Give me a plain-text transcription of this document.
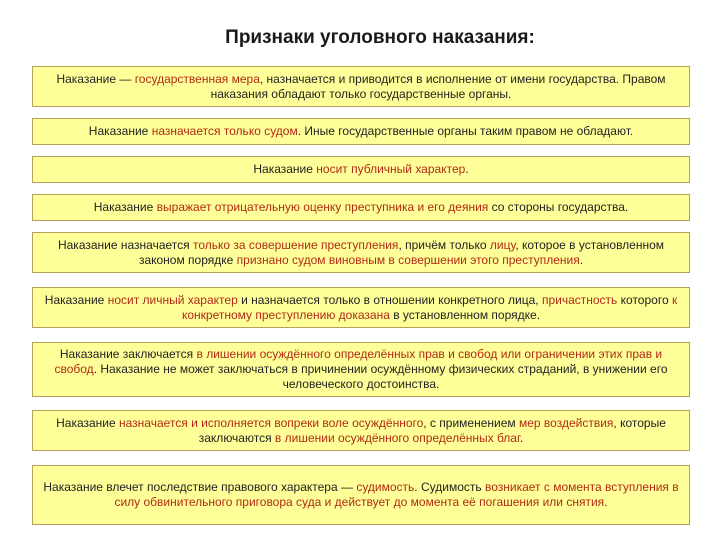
Признаки уголовного наказания:

Наказание — государственная мера, назначается и приводится в исполнение от имени государства. Правом наказания обладают только государственные органы.

Наказание назначается только судом. Иные государственные органы таким правом не обладают.

Наказание носит публичный характер.

Наказание выражает отрицательную оценку преступника и его деяния со стороны государства.

Наказание назначается только за совершение преступления, причём только лицу, которое в установленном законом порядке признано судом виновным в совершении этого преступления.

Наказание носит личный характер и назначается только в отношении конкретного лица, причастность которого к конкретному преступлению доказана в установленном порядке.

Наказание заключается в лишении осуждённого определённых прав и свобод или ограничении этих прав и свобод. Наказание не может заключаться в причинении осуждённому физических страданий, в унижении его человеческого достоинства.

Наказание назначается и исполняется вопреки воле осуждённого, с применением мер воздействия, которые заключаются в лишении осуждённого определённых благ.

Наказание влечет последствие правового характера — судимость. Судимость возникает с момента вступления в силу обвинительного приговора суда и действует до момента её погашения или снятия.
